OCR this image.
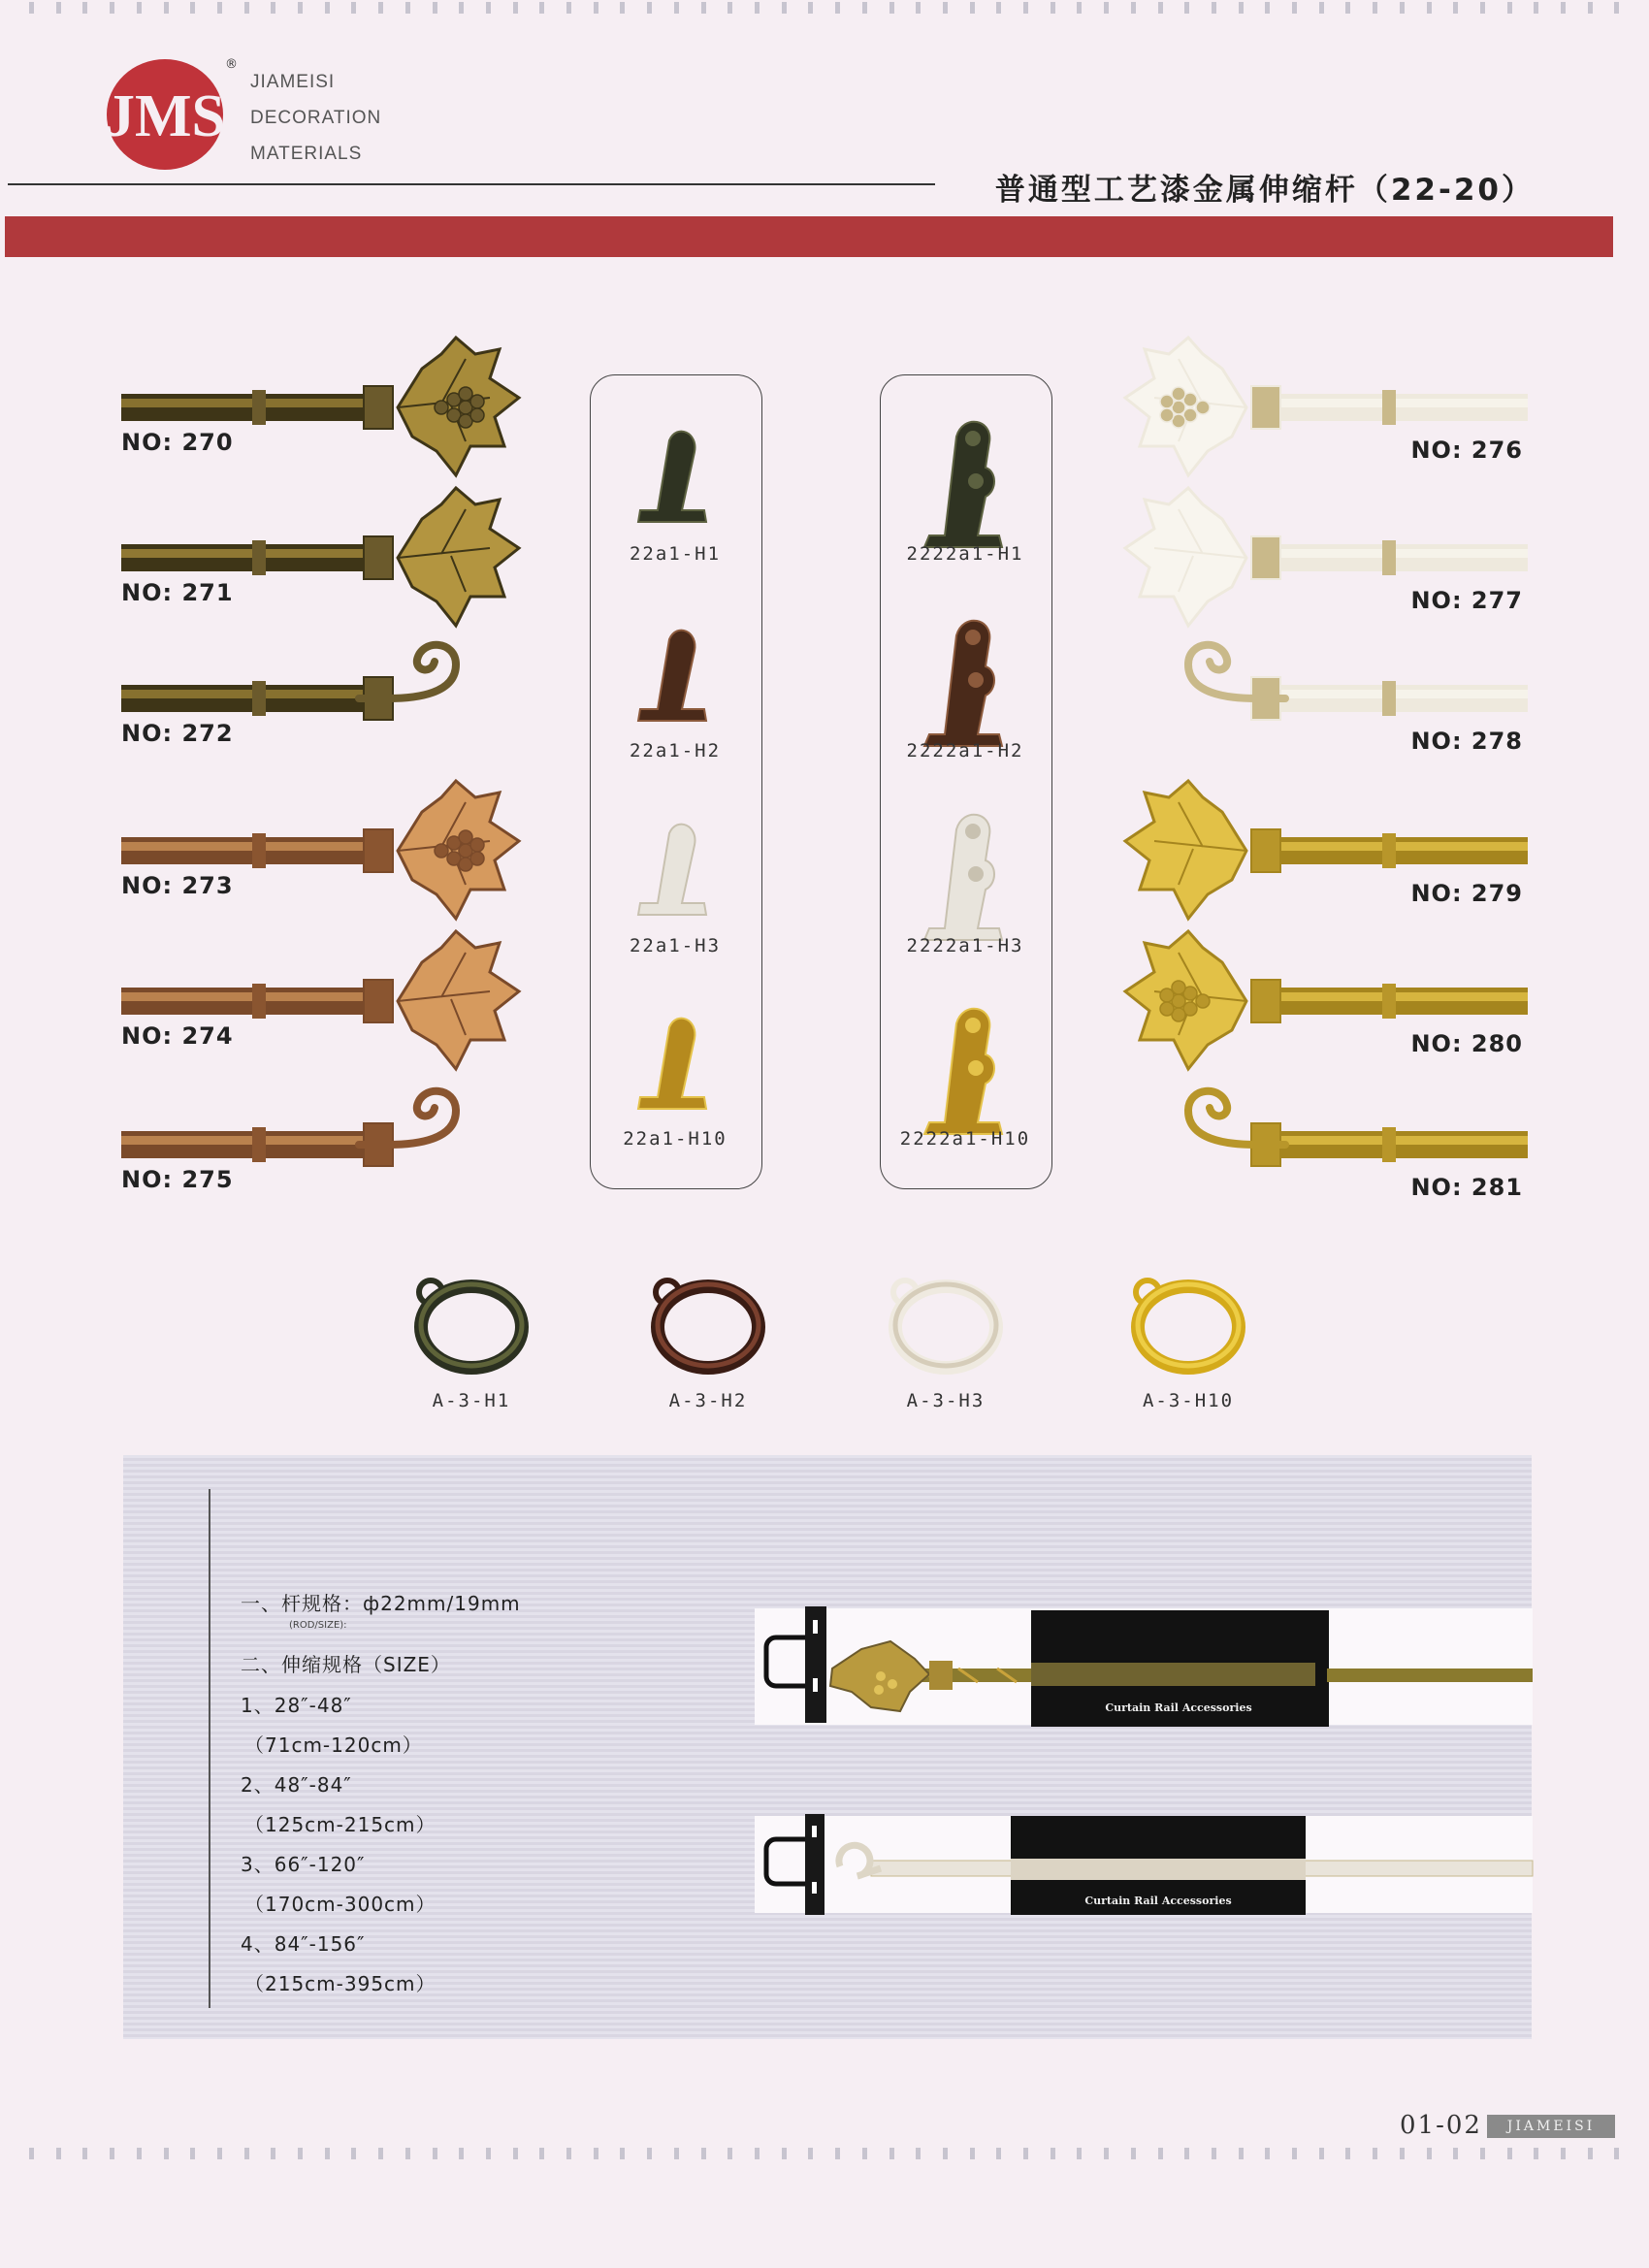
JMS
®
JIAMEISI
DECORATION
MATERIALS
普通型工艺漆金属伸缩杆（22-20）
NO: 270
NO: 271
NO: 272
NO: 273
NO: 274
NO: 275
NO: 276
NO: 277
NO: 278
NO: 279
NO: 280
NO: 281
22a1-H1
22a1-H2
22a1-H3
22a1-H10
2222a1-H1
2222a1-H2
2222a1-H3
2222a1-H10
A-3-H1	A-3-H2	A-3-H3	A-3-H10
一、杆规格：ф22mm/19mm
(ROD/SIZE):
二、伸缩规格（SIZE）
1、28″-48″
（71cm-120cm）
2、48″-84″
（125cm-215cm）
3、66″-120″
（170cm-300cm）
4、84″-156″
（215cm-395cm）
Curtain Rail Accessories
Curtain Rail Accessories
01-02	JIAMEISI
